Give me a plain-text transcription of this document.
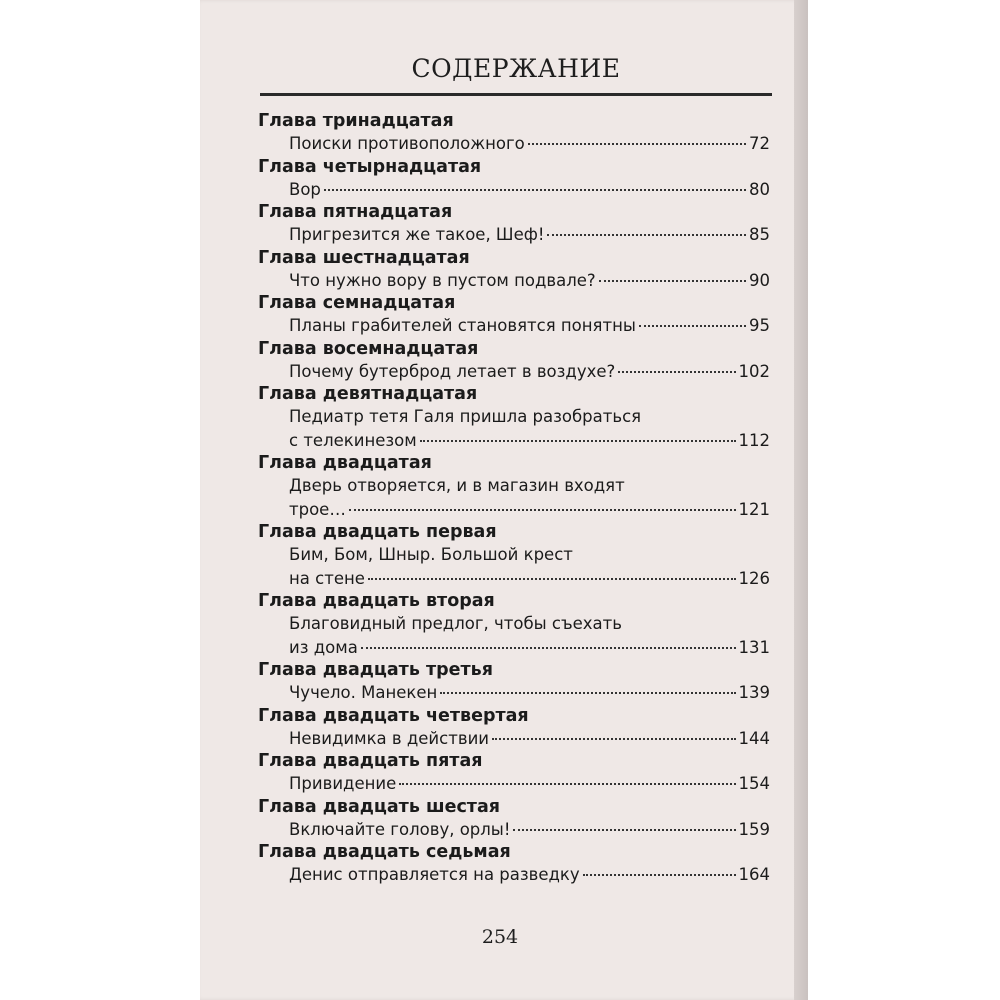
СОДЕРЖАНИЕ
Глава тринадцатая
Поиски противоположного	72
Глава четырнадцатая
Вор	80
Глава пятнадцатая
Пригрезится же такое, Шеф!	85
Глава шестнадцатая
Что нужно вору в пустом подвале?	90
Глава семнадцатая
Планы грабителей становятся понятны	95
Глава восемнадцатая
Почему бутерброд летает в воздухе?	102
Глава девятнадцатая
Педиатр тетя Галя пришла разобраться
с телекинезом	112
Глава двадцатая
Дверь отворяется, и в магазин входят
трое…	121
Глава двадцать первая
Бим, Бом, Шныр. Большой крест
на стене	126
Глава двадцать вторая
Благовидный предлог, чтобы съехать
из дома	131
Глава двадцать третья
Чучело. Манекен	139
Глава двадцать четвертая
Невидимка в действии	144
Глава двадцать пятая
Привидение	154
Глава двадцать шестая
Включайте голову, орлы!	159
Глава двадцать седьмая
Денис отправляется на разведку	164
254
